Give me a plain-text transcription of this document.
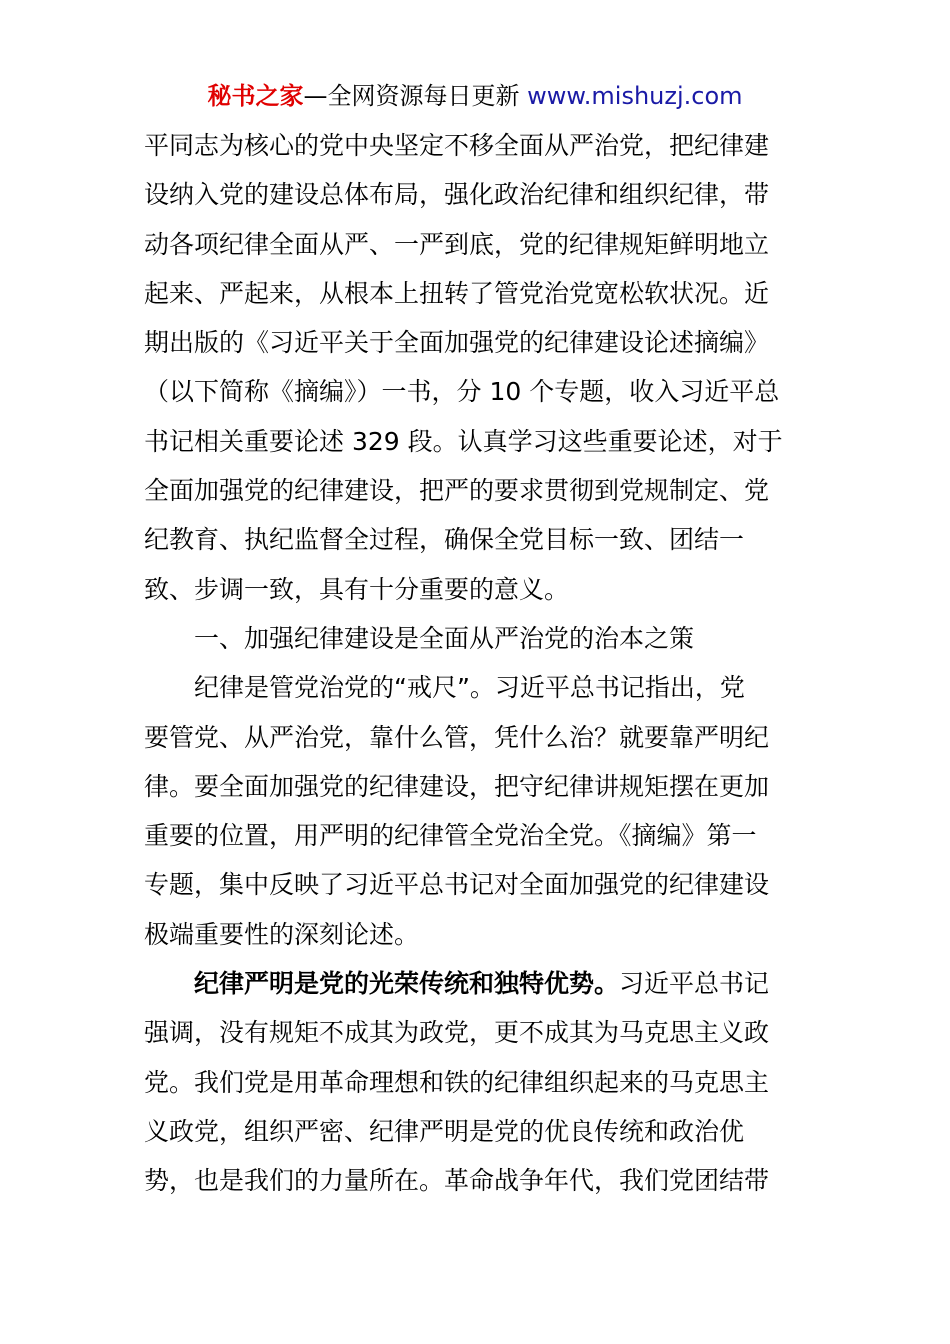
秘书之家—全网资源每日更新 www.mishuzj.com
平同志为核心的党中央坚定不移全面从严治党，把纪律建
设纳入党的建设总体布局，强化政治纪律和组织纪律，带
动各项纪律全面从严、一严到底，党的纪律规矩鲜明地立
起来、严起来，从根本上扭转了管党治党宽松软状况。近
期出版的《习近平关于全面加强党的纪律建设论述摘编》
（以下简称《摘编》）一书，分 10 个专题，收入习近平总
书记相关重要论述 329 段。认真学习这些重要论述，对于
全面加强党的纪律建设，把严的要求贯彻到党规制定、党
纪教育、执纪监督全过程，确保全党目标一致、团结一
致、步调一致，具有十分重要的意义。
　　一、加强纪律建设是全面从严治党的治本之策
　　纪律是管党治党的“戒尺”。习近平总书记指出，党
要管党、从严治党，靠什么管，凭什么治？就要靠严明纪
律。要全面加强党的纪律建设，把守纪律讲规矩摆在更加
重要的位置，用严明的纪律管全党治全党。《摘编》第一
专题，集中反映了习近平总书记对全面加强党的纪律建设
极端重要性的深刻论述。
　　纪律严明是党的光荣传统和独特优势。习近平总书记
强调，没有规矩不成其为政党，更不成其为马克思主义政
党。我们党是用革命理想和铁的纪律组织起来的马克思主
义政党，组织严密、纪律严明是党的优良传统和政治优
势，也是我们的力量所在。革命战争年代，我们党团结带
